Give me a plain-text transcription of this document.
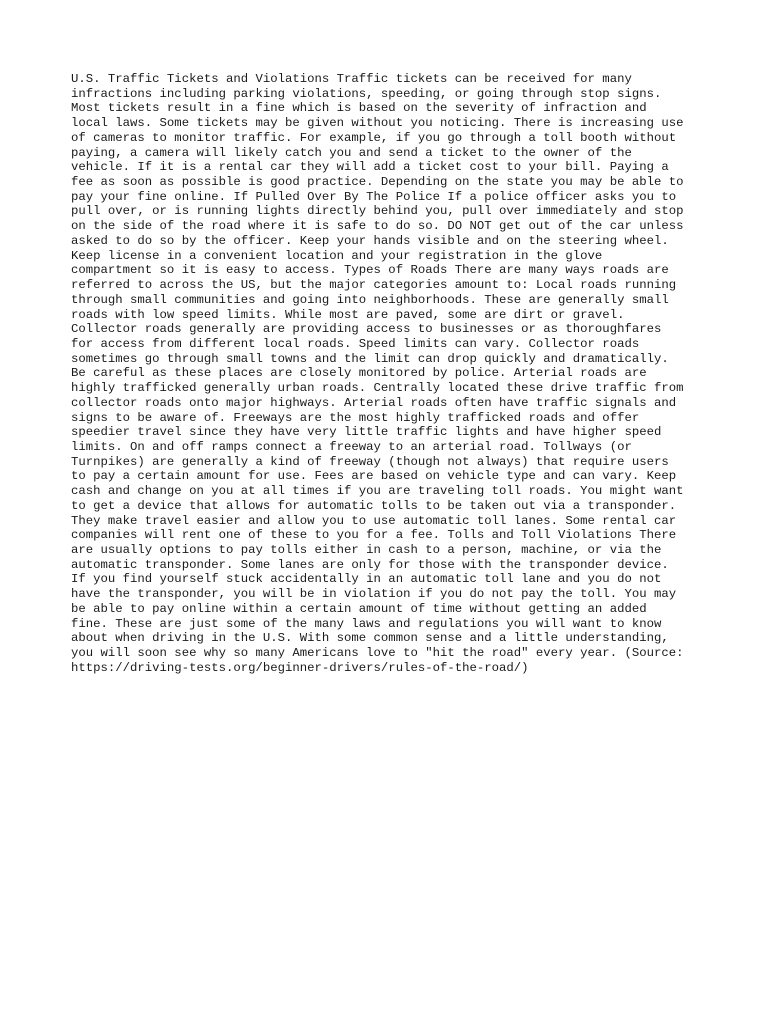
U.S. Traffic Tickets and Violations Traffic tickets can be received for many
infractions including parking violations, speeding, or going through stop signs.
Most tickets result in a fine which is based on the severity of infraction and
local laws. Some tickets may be given without you noticing. There is increasing use
of cameras to monitor traffic. For example, if you go through a toll booth without
paying, a camera will likely catch you and send a ticket to the owner of the
vehicle. If it is a rental car they will add a ticket cost to your bill. Paying a
fee as soon as possible is good practice. Depending on the state you may be able to
pay your fine online. If Pulled Over By The Police If a police officer asks you to
pull over, or is running lights directly behind you, pull over immediately and stop
on the side of the road where it is safe to do so. DO NOT get out of the car unless
asked to do so by the officer. Keep your hands visible and on the steering wheel.
Keep license in a convenient location and your registration in the glove
compartment so it is easy to access. Types of Roads There are many ways roads are
referred to across the US, but the major categories amount to: Local roads running
through small communities and going into neighborhoods. These are generally small
roads with low speed limits. While most are paved, some are dirt or gravel.
Collector roads generally are providing access to businesses or as thoroughfares
for access from different local roads. Speed limits can vary. Collector roads
sometimes go through small towns and the limit can drop quickly and dramatically.
Be careful as these places are closely monitored by police. Arterial roads are
highly trafficked generally urban roads. Centrally located these drive traffic from
collector roads onto major highways. Arterial roads often have traffic signals and
signs to be aware of. Freeways are the most highly trafficked roads and offer
speedier travel since they have very little traffic lights and have higher speed
limits. On and off ramps connect a freeway to an arterial road. Tollways (or
Turnpikes) are generally a kind of freeway (though not always) that require users
to pay a certain amount for use. Fees are based on vehicle type and can vary. Keep
cash and change on you at all times if you are traveling toll roads. You might want
to get a device that allows for automatic tolls to be taken out via a transponder.
They make travel easier and allow you to use automatic toll lanes. Some rental car
companies will rent one of these to you for a fee. Tolls and Toll Violations There
are usually options to pay tolls either in cash to a person, machine, or via the
automatic transponder. Some lanes are only for those with the transponder device.
If you find yourself stuck accidentally in an automatic toll lane and you do not
have the transponder, you will be in violation if you do not pay the toll. You may
be able to pay online within a certain amount of time without getting an added
fine. These are just some of the many laws and regulations you will want to know
about when driving in the U.S. With some common sense and a little understanding,
you will soon see why so many Americans love to "hit the road" every year. (Source:
https://driving-tests.org/beginner-drivers/rules-of-the-road/)
